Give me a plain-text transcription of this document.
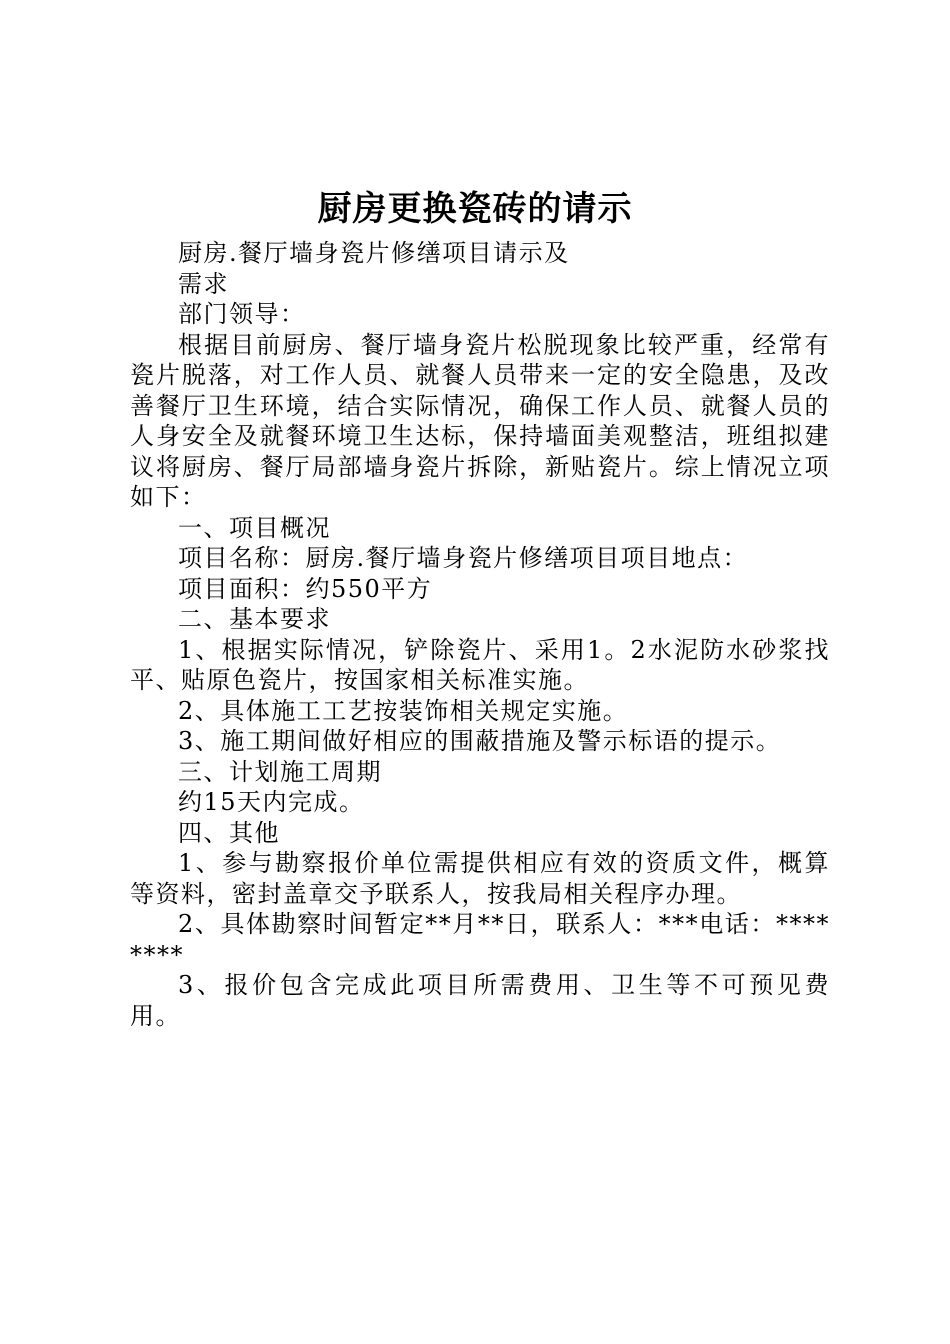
厨房更换瓷砖的请示

厨房.餐厅墙身瓷片修缮项目请示及

需求

部门领导：

根据目前厨房、餐厅墙身瓷片松脱现象比较严重，经常有瓷片脱落，对工作人员、就餐人员带来一定的安全隐患，及改善餐厅卫生环境，结合实际情况，确保工作人员、就餐人员的人身安全及就餐环境卫生达标，保持墙面美观整洁，班组拟建议将厨房、餐厅局部墙身瓷片拆除，新贴瓷片。综上情况立项如下：

一、项目概况

项目名称：厨房.餐厅墙身瓷片修缮项目项目地点：

项目面积：约550平方

二、基本要求

1、根据实际情况，铲除瓷片、采用1。2水泥防水砂浆找平、贴原色瓷片，按国家相关标准实施。

2、具体施工工艺按装饰相关规定实施。

3、施工期间做好相应的围蔽措施及警示标语的提示。

三、计划施工周期

约15天内完成。

四、其他

1、参与勘察报价单位需提供相应有效的资质文件，概算等资料，密封盖章交予联系人，按我局相关程序办理。

2、具体勘察时间暂定**月**日，联系人：***电话：********

3、报价包含完成此项目所需费用、卫生等不可预见费用。
